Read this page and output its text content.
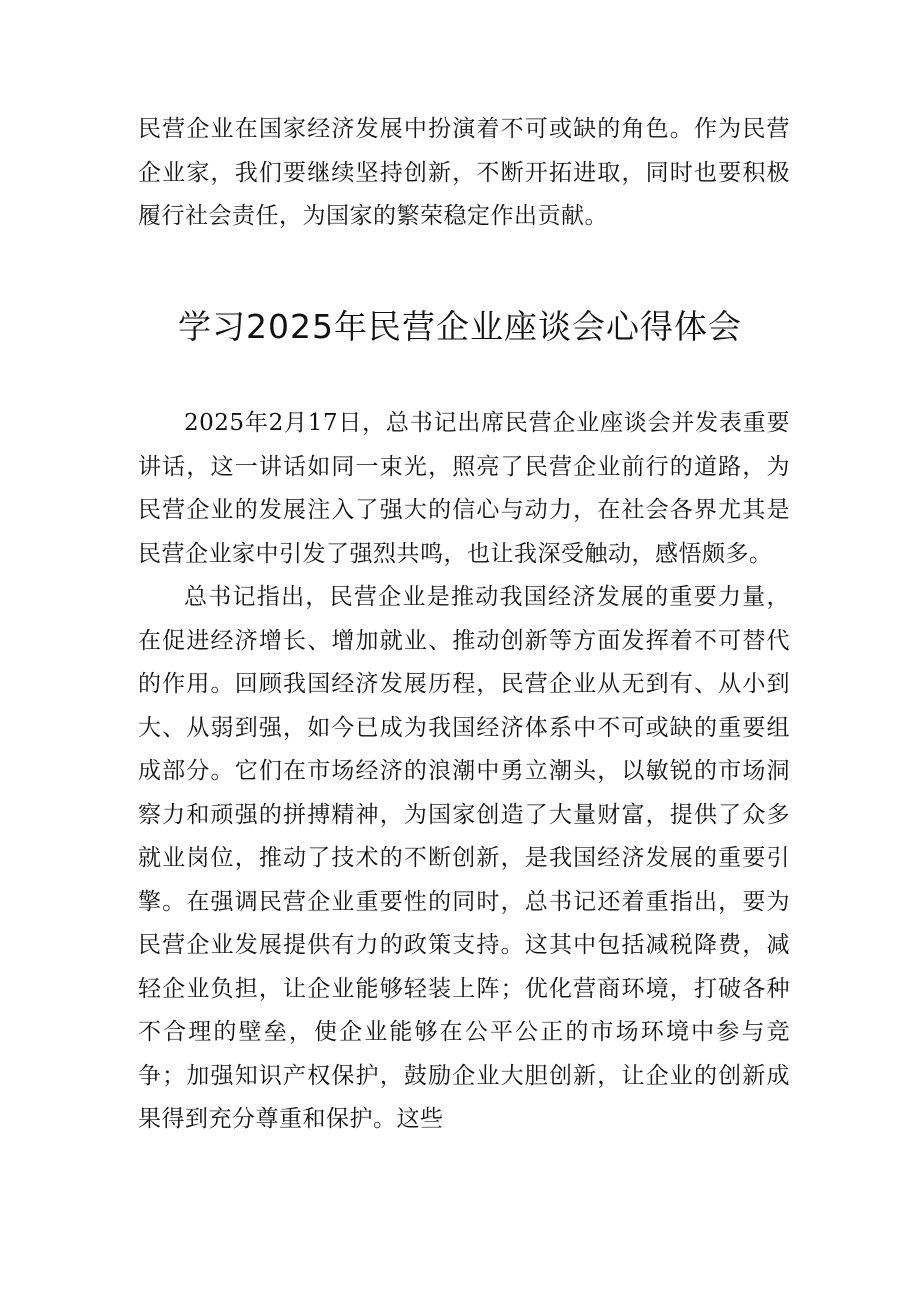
民营企业在国家经济发展中扮演着不可或缺的角色。作为民营企业家，我们要继续坚持创新，不断开拓进取，同时也要积极履行社会责任，为国家的繁荣稳定作出贡献。

学习2025年民营企业座谈会心得体会

2025年2月17日，总书记出席民营企业座谈会并发表重要讲话，这一讲话如同一束光，照亮了民营企业前行的道路，为民营企业的发展注入了强大的信心与动力，在社会各界尤其是民营企业家中引发了强烈共鸣，也让我深受触动，感悟颇多。

总书记指出，民营企业是推动我国经济发展的重要力量，在促进经济增长、增加就业、推动创新等方面发挥着不可替代的作用。回顾我国经济发展历程，民营企业从无到有、从小到大、从弱到强，如今已成为我国经济体系中不可或缺的重要组成部分。它们在市场经济的浪潮中勇立潮头，以敏锐的市场洞察力和顽强的拼搏精神，为国家创造了大量财富，提供了众多就业岗位，推动了技术的不断创新，是我国经济发展的重要引擎。在强调民营企业重要性的同时，总书记还着重指出，要为民营企业发展提供有力的政策支持。这其中包括减税降费，减轻企业负担，让企业能够轻装上阵；优化营商环境，打破各种不合理的壁垒，使企业能够在公平公正的市场环境中参与竞争；加强知识产权保护，鼓励企业大胆创新，让企业的创新成果得到充分尊重和保护。这些
